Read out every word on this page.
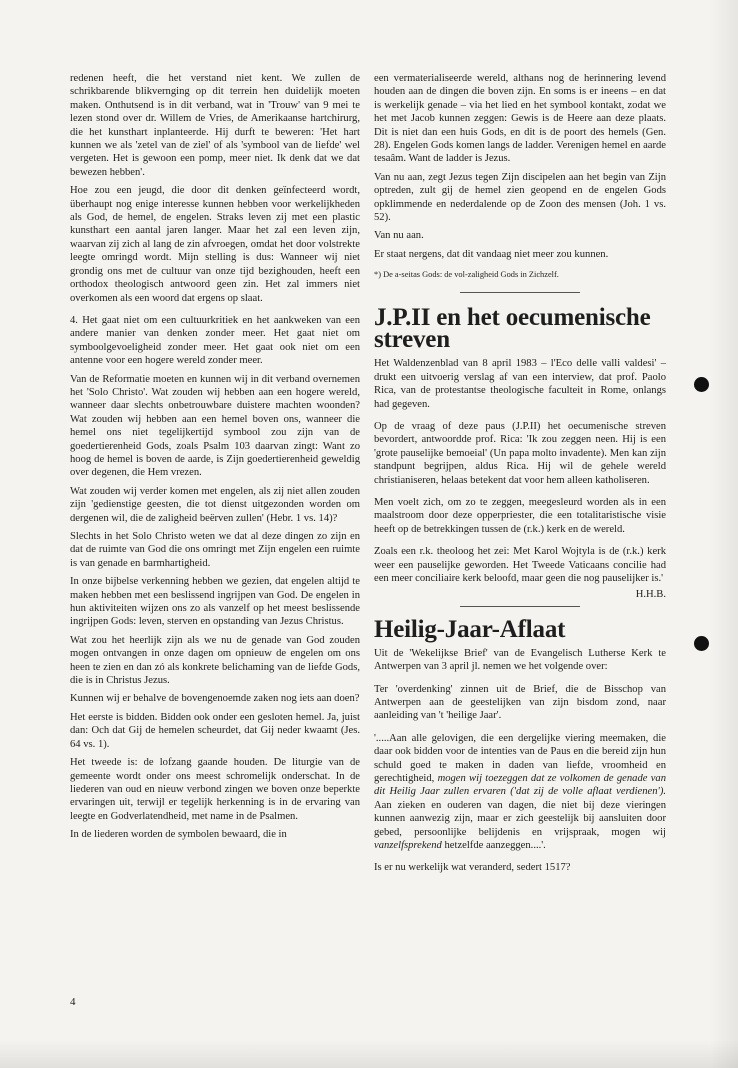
redenen heeft, die het verstand niet kent. We zullen de schrikbarende blikvernging op dit terrein hen duidelijk moeten maken. Onthutsend is in dit verband, wat in 'Trouw' van 9 mei te lezen stond over dr. Willem de Vries, de Amerikaanse hartchirurg, die het kunsthart inplanteerde. Hij durft te beweren: 'Het hart kunnen we als 'zetel van de ziel' of als 'symbool van de liefde' wel vergeten. Het is gewoon een pomp, meer niet. Ik denk dat we dat bewezen hebben'.

Hoe zou een jeugd, die door dit denken geïnfecteerd wordt, überhaupt nog enige interesse kunnen hebben voor werkelijkheden als God, de hemel, de engelen. Straks leven zij met een plastic kunsthart een aantal jaren langer. Maar het zal een leven zijn, waarvan zij zich al lang de zin afvroegen, omdat het door volstrekte leegte omringd wordt. Mijn stelling is dus: Wanneer wij niet grondig ons met de cultuur van onze tijd bezighouden, heeft een orthodox theologisch antwoord geen zin. Het zal immers niet overkomen als een woord dat ergens op slaat.

4. Het gaat niet om een cultuurkritiek en het aankweken van een andere manier van denken zonder meer. Het gaat niet om symboolgevoeligheid zonder meer. Het gaat ook niet om een antenne voor een hogere wereld zonder meer.

Van de Reformatie moeten en kunnen wij in dit verband overnemen het 'Solo Christo'. Wat zouden wij hebben aan een hogere wereld, wanneer daar slechts onbetrouwbare duistere machten woonden? Wat zouden wij hebben aan een hemel boven ons, wanneer die hemel ons niet tegelijkertijd symbool zou zijn van de goedertierenheid Gods, zoals Psalm 103 daarvan zingt: Want zo hoog de hemel is boven de aarde, is Zijn goedertierenheid geweldig over degenen, die Hem vrezen.

Wat zouden wij verder komen met engelen, als zij niet allen zouden zijn 'gedienstige geesten, die tot dienst uitgezonden worden om dergenen wil, die de zaligheid beërven zullen' (Hebr. 1 vs. 14)?

Slechts in het Solo Christo weten we dat al deze dingen zo zijn en dat de ruimte van God die ons omringt met Zijn engelen een ruimte is van genade en barmhartigheid.

In onze bijbelse verkenning hebben we gezien, dat engelen altijd te maken hebben met een beslissend ingrijpen van God. De engelen in hun aktiviteiten wijzen ons zo als vanzelf op het meest beslissende ingrijpen Gods: leven, sterven en opstanding van Jezus Christus.

Wat zou het heerlijk zijn als we nu de genade van God zouden mogen ontvangen in onze dagen om opnieuw de engelen om ons heen te zien en dan zó als konkrete belichaming van de liefde Gods, die is in Christus Jezus.

Kunnen wij er behalve de bovengenoemde zaken nog iets aan doen?

Het eerste is bidden. Bidden ook onder een gesloten hemel. Ja, juist dan: Och dat Gij de hemelen scheurdet, dat Gij neder kwaamt (Jes. 64 vs. 1).

Het tweede is: de lofzang gaande houden. De liturgie van de gemeente wordt onder ons meest schromelijk onderschat. In de liederen van oud en nieuw verbond zingen we boven onze beperkte ervaringen uit, terwijl er tegelijk herkenning is in de ervaring van leegte en Godverlatendheid, met name in de Psalmen.

In de liederen worden de symbolen bewaard, die in

een vermaterialiseerde wereld, althans nog de herinnering levend houden aan de dingen die boven zijn. En soms is er ineens – en dat is werkelijk genade – via het lied en het symbool kontakt, zodat we het met Jacob kunnen zeggen: Gewis is de Heere aan deze plaats. Dit is niet dan een huis Gods, en dit is de poort des hemels (Gen. 28). Engelen Gods komen langs de ladder. Verenigen hemel en aarde tesaâm. Want de ladder is Jezus.

Van nu aan, zegt Jezus tegen Zijn discipelen aan het begin van Zijn optreden, zult gij de hemel zien geopend en de engelen Gods opklimmende en nederdalende op de Zoon des mensen (Joh. 1 vs. 52).

Van nu aan.

Er staat nergens, dat dit vandaag niet meer zou kunnen.

*) De a-seitas Gods: de vol-zaligheid Gods in Zichzelf.
J.P.II en het oecumenische streven

Het Waldenzenblad van 8 april 1983 – l'Eco delle valli valdesi' – drukt een uitvoerig verslag af van een interview, dat prof. Paolo Rica, van de protestantse theologische faculteit in Rome, onlangs had gegeven.

Op de vraag of deze paus (J.P.II) het oecumenische streven bevordert, antwoordde prof. Rica: 'Ik zou zeggen neen. Hij is een 'grote pauselijke bemoeial' (Un papa molto invadente). Men kan zijn standpunt begrijpen, aldus Rica. Hij wil de gehele wereld christianiseren, helaas betekent dat voor hem alleen katholiseren.

Men voelt zich, om zo te zeggen, meegesleurd worden als in een maalstroom door deze opperpriester, die een totalitaristische visie heeft op de betrekkingen tussen de (r.k.) kerk en de wereld.

Zoals een r.k. theoloog het zei: Met Karol Wojtyla is de (r.k.) kerk weer een pauselijke geworden. Het Tweede Vaticaans concilie had een meer conciliaire kerk beloofd, maar geen die nog pauselijker is.'

H.H.B.
Heilig-Jaar-Aflaat

Uit de 'Wekelijkse Brief' van de Evangelisch Lutherse Kerk te Antwerpen van 3 april jl. nemen we het volgende over:

Ter 'overdenking' zinnen uit de Brief, die de Bisschop van Antwerpen aan de geestelijken van zijn bisdom zond, naar aanleiding van 't 'heilige Jaar'.

'.....Aan alle gelovigen, die een dergelijke viering meemaken, die daar ook bidden voor de intenties van de Paus en die bereid zijn hun schuld goed te maken in daden van liefde, vroomheid en gerechtigheid, mogen wij toezeggen dat ze volkomen de genade van dit Heilig Jaar zullen ervaren ('dat zij de volle aflaat verdienen'). Aan zieken en ouderen van dagen, die niet bij deze vieringen kunnen aanwezig zijn, maar er zich geestelijk bij aansluiten door gebed, persoonlijke belijdenis en vrijspraak, mogen wij vanzelfsprekend hetzelfde aanzeggen....'.

Is er nu werkelijk wat veranderd, sedert 1517?

4
